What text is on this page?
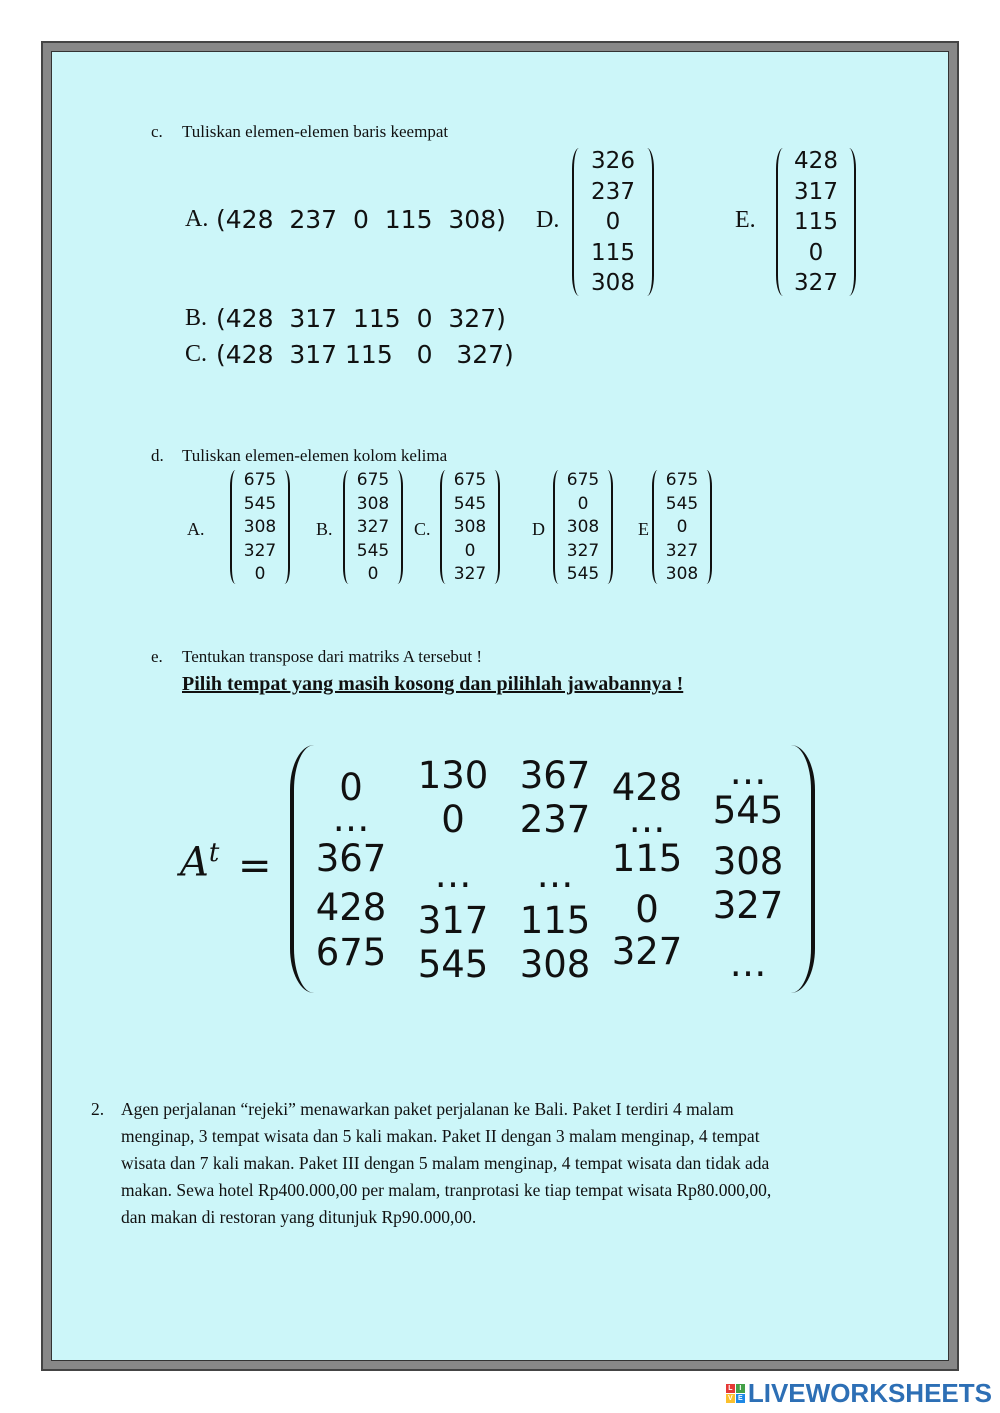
c. Tuliskan elemen-elemen baris keempat
A. (428  237  0  115  308)
B. (428  317  115  0  327)
C. (428  317 115   0   327)
D.
326
237
0
115
308
E.
428
317
115
0
327
d. Tuliskan elemen-elemen kolom kelima
A.
675
545
308
327
0
B.
675
308
327
545
0
C.
675
545
308
0
327
D
675
0
308
327
545
E
675
545
0
327
308
e. Tentukan transpose dari matriks A tersebut !
Pilih tempat yang masih kosong dan pilihlah jawabannya !
$A^t$ =
0
…
367
428
675
130
0
…
317
545
367
237
…
115
308
428
…
115
0
327
…
545
308
327
…
2. Agen perjalanan “rejeki” menawarkan paket perjalanan ke Bali. Paket I terdiri 4 malam
menginap, 3 tempat wisata dan 5 kali makan. Paket II dengan 3 malam menginap, 4 tempat
wisata dan 7 kali makan. Paket III dengan 5 malam menginap, 4 tempat wisata dan tidak ada
makan. Sewa hotel Rp400.000,00 per malam, tranprotasi ke tiap tempat wisata Rp80.000,00,
dan makan di restoran yang ditunjuk Rp90.000,00.
L I
V E LIVEWORKSHEETS
